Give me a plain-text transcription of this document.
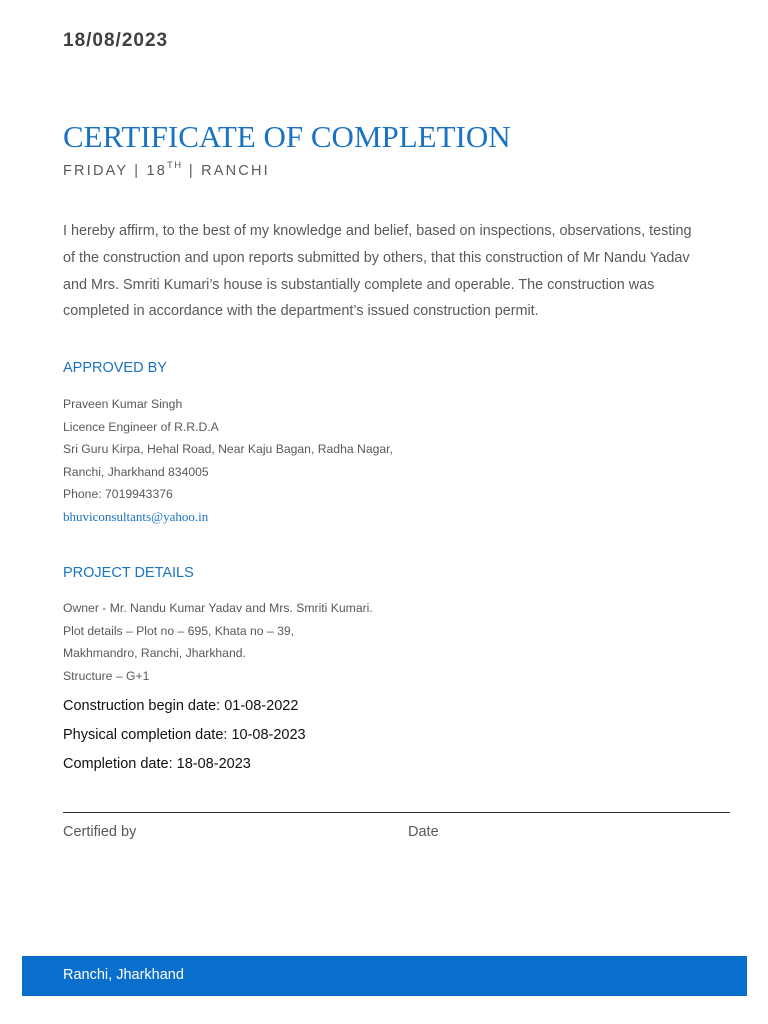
18/08/2023
CERTIFICATE OF COMPLETION
FRIDAY | 18TH | RANCHI
I hereby affirm, to the best of my knowledge and belief, based on inspections, observations, testing of the construction and upon reports submitted by others, that this construction of Mr Nandu Yadav and Mrs. Smriti Kumari’s house is substantially complete and operable. The construction was completed in accordance with the department’s issued construction permit.
APPROVED BY
Praveen Kumar Singh
Licence Engineer of R.R.D.A
Sri Guru Kirpa, Hehal Road, Near Kaju Bagan, Radha Nagar,
Ranchi, Jharkhand 834005
Phone: 7019943376
bhuviconsultants@yahoo.in
PROJECT DETAILS
Owner - Mr. Nandu Kumar Yadav and Mrs. Smriti Kumari.
Plot details – Plot no – 695, Khata no – 39,
Makhmandro, Ranchi, Jharkhand.
Structure – G+1
Construction begin date: 01-08-2022
Physical completion date: 10-08-2023
Completion date: 18-08-2023
Certified by	Date
Ranchi, Jharkhand
